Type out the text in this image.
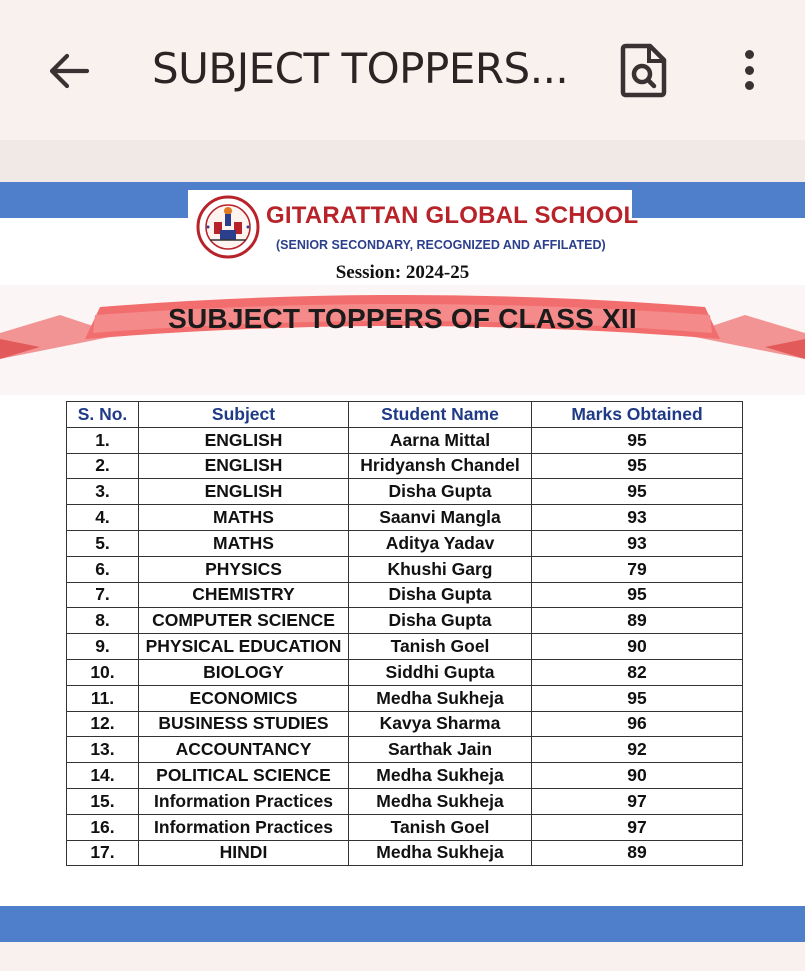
SUBJECT TOPPERS...
GITARATTAN GLOBAL SCHOOL
(SENIOR SECONDARY, RECOGNIZED AND AFFILATED)
Session: 2024-25
SUBJECT TOPPERS OF CLASS XII
S. No.	Subject	Student Name	Marks Obtained
1.	ENGLISH	Aarna Mittal	95
2.	ENGLISH	Hridyansh Chandel	95
3.	ENGLISH	Disha Gupta	95
4.	MATHS	Saanvi Mangla	93
5.	MATHS	Aditya Yadav	93
6.	PHYSICS	Khushi Garg	79
7.	CHEMISTRY	Disha Gupta	95
8.	COMPUTER SCIENCE	Disha Gupta	89
9.	PHYSICAL EDUCATION	Tanish Goel	90
10.	BIOLOGY	Siddhi Gupta	82
11.	ECONOMICS	Medha Sukheja	95
12.	BUSINESS STUDIES	Kavya Sharma	96
13.	ACCOUNTANCY	Sarthak Jain	92
14.	POLITICAL SCIENCE	Medha Sukheja	90
15.	Information Practices	Medha Sukheja	97
16.	Information Practices	Tanish Goel	97
17.	HINDI	Medha Sukheja	89
